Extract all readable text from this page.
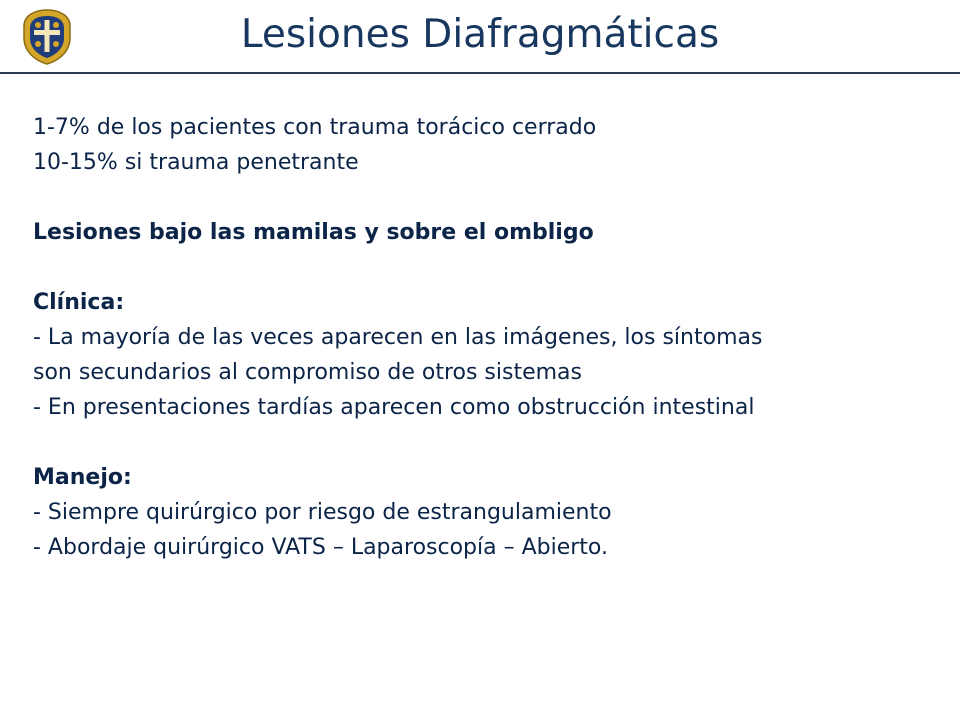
Lesiones Diafragmáticas
1-7% de los pacientes con trauma torácico cerrado
10-15% si trauma penetrante
Lesiones bajo las mamilas y sobre el ombligo
Clínica:
- La mayoría de las veces aparecen en las imágenes, los síntomas
son secundarios al compromiso de otros sistemas
- En presentaciones tardías aparecen como obstrucción intestinal
Manejo:
- Siempre quirúrgico por riesgo de estrangulamiento
- Abordaje quirúrgico VATS – Laparoscopía – Abierto.
